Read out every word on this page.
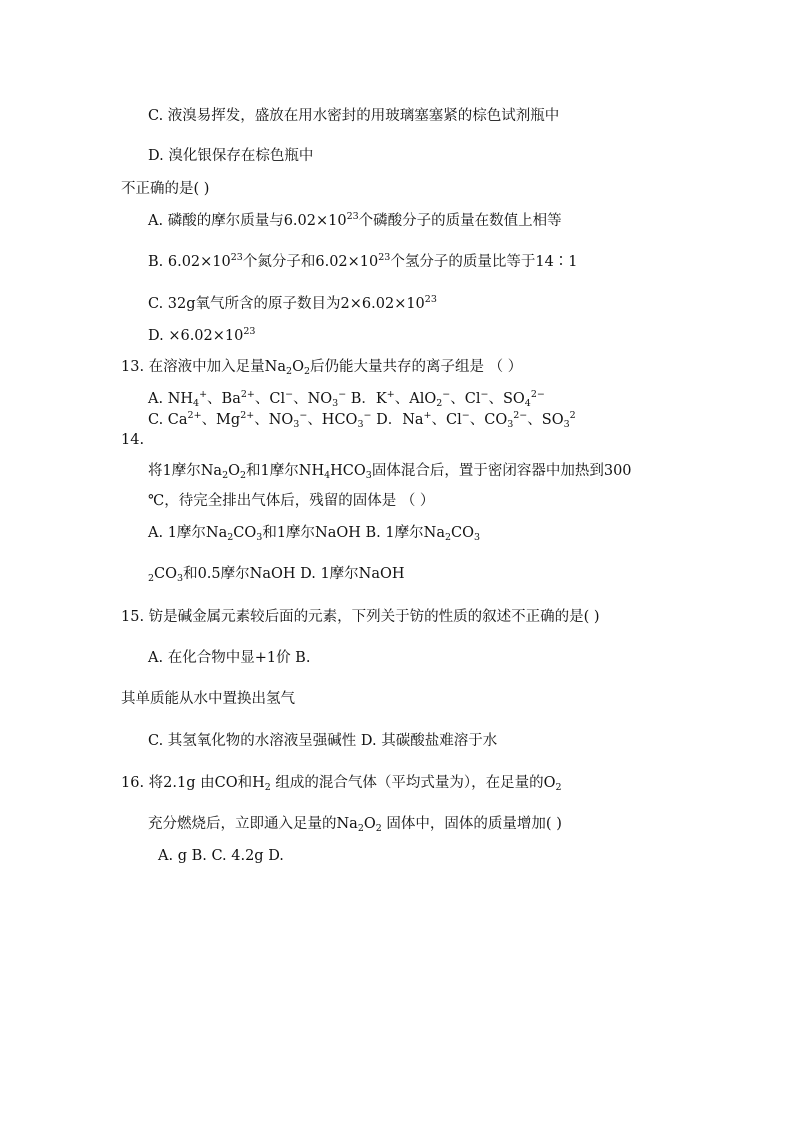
C. 液溴易挥发，盛放在用水密封的用玻璃塞塞紧的棕色试剂瓶中
D. 溴化银保存在棕色瓶中
不正确的是( )
A. 磷酸的摩尔质量与$6.02\times 10^{23}$个磷酸分子的质量在数值上相等
B. $6.02\times 10^{23}$个氮分子和$6.02\times 10^{23}$个氢分子的质量比等于14∶1
C. 32g氧气所含的原子数目为$2\times 6.02\times 10^{23}$
D. $\times 6.02\times 10^{23}$
13. 在溶液中加入足量$Na_2O_2$后仍能大量共存的离子组是 （ ）
A. $NH_4^+$、$Ba^{2+}$、Cl−、$NO_3^-$ B．K+、AlO$_2$−、Cl−、$SO_4^{2-}$
C. $Ca^{2+}$、$Mg^{2+}$、$NO_3^-$、$HCO_3^-$ D．Na+、Cl−、$CO_3^{2-}$、$SO_3^2$
14.
将1摩尔$Na_2O_2$和1摩尔$NH_4HCO_3$固体混合后，置于密闭容器中加热到300
℃，待完全排出气体后，残留的固体是 （ ）
A. 1摩尔$Na_2CO_3$和1摩尔NaOH B. 1摩尔$Na_2CO_3$
$_2CO_3$和0.5摩尔NaOH D. 1摩尔NaOH
15. 钫是碱金属元素较后面的元素，下列关于钫的性质的叙述不正确的是( )
A. 在化合物中显+1价 B.
其单质能从水中置换出氢气
C. 其氢氧化物的水溶液呈强碱性 D. 其碳酸盐难溶于水
16. 将2.1g 由CO和$H_2$ 组成的混合气体（平均式量为），在足量的$O_2$
充分燃烧后，立即通入足量的$Na_2O_2$ 固体中，固体的质量增加( )
A. g B. C. 4.2g D.
